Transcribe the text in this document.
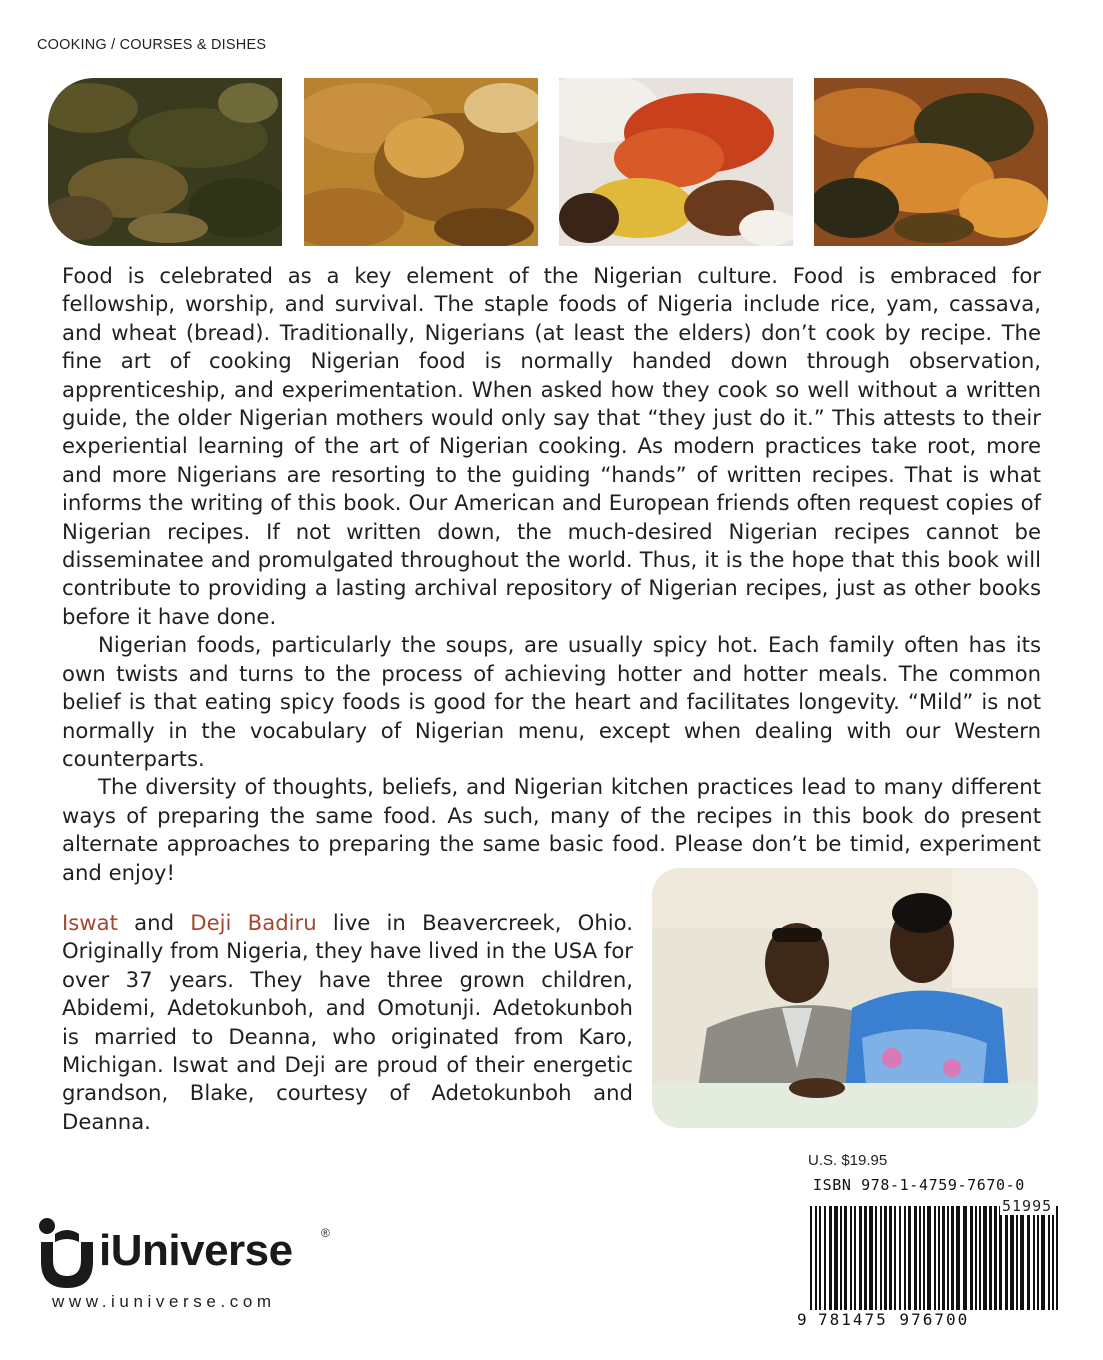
COOKING / COURSES & DISHES

Food is celebrated as a key element of the Nigerian culture. Food is embraced for fellowship, worship, and survival. The staple foods of Nigeria include rice, yam, cassava, and wheat (bread). Traditionally, Nigerians (at least the elders) don’t cook by recipe. The fine art of cooking Nigerian food is normally handed down through observation, apprenticeship, and experimentation. When asked how they cook so well without a written guide, the older Nigerian mothers would only say that “they just do it.” This attests to their experiential learning of the art of Nigerian cooking. As modern practices take root, more and more Nigerians are resorting to the guiding “hands” of written recipes. That is what informs the writing of this book. Our American and European friends often request copies of Nigerian recipes. If not written down, the much-desired Nigerian recipes cannot be disseminatee and promulgated throughout the world. Thus, it is the hope that this book will contribute to providing a lasting archival repository of Nigerian recipes, just as other books before it have done.

Nigerian foods, particularly the soups, are usually spicy hot. Each family often has its own twists and turns to the process of achieving hotter and hotter meals. The common belief is that eating spicy foods is good for the heart and facilitates longevity. “Mild” is not normally in the vocabulary of Nigerian menu, except when dealing with our Western counterparts.

The diversity of thoughts, beliefs, and Nigerian kitchen practices lead to many different ways of preparing the same food. As such, many of the recipes in this book do present alternate approaches to preparing the same basic food. Please don’t be timid, experiment and enjoy!

Iswat and Deji Badiru live in Beavercreek, Ohio. Originally from Nigeria, they have lived in the USA for over 37 years. They have three grown children, Abidemi, Adetokunboh, and Omotunji. Adetokunboh is married to Deanna, who originated from Karo, Michigan. Iswat and Deji are proud of their energetic grandson, Blake, courtesy of Adetokunboh and Deanna.
U.S. $19.95
ISBN 978-1-4759-7670-0
51995
9 781475 976700
iUniverse ®
www.iuniverse.com
